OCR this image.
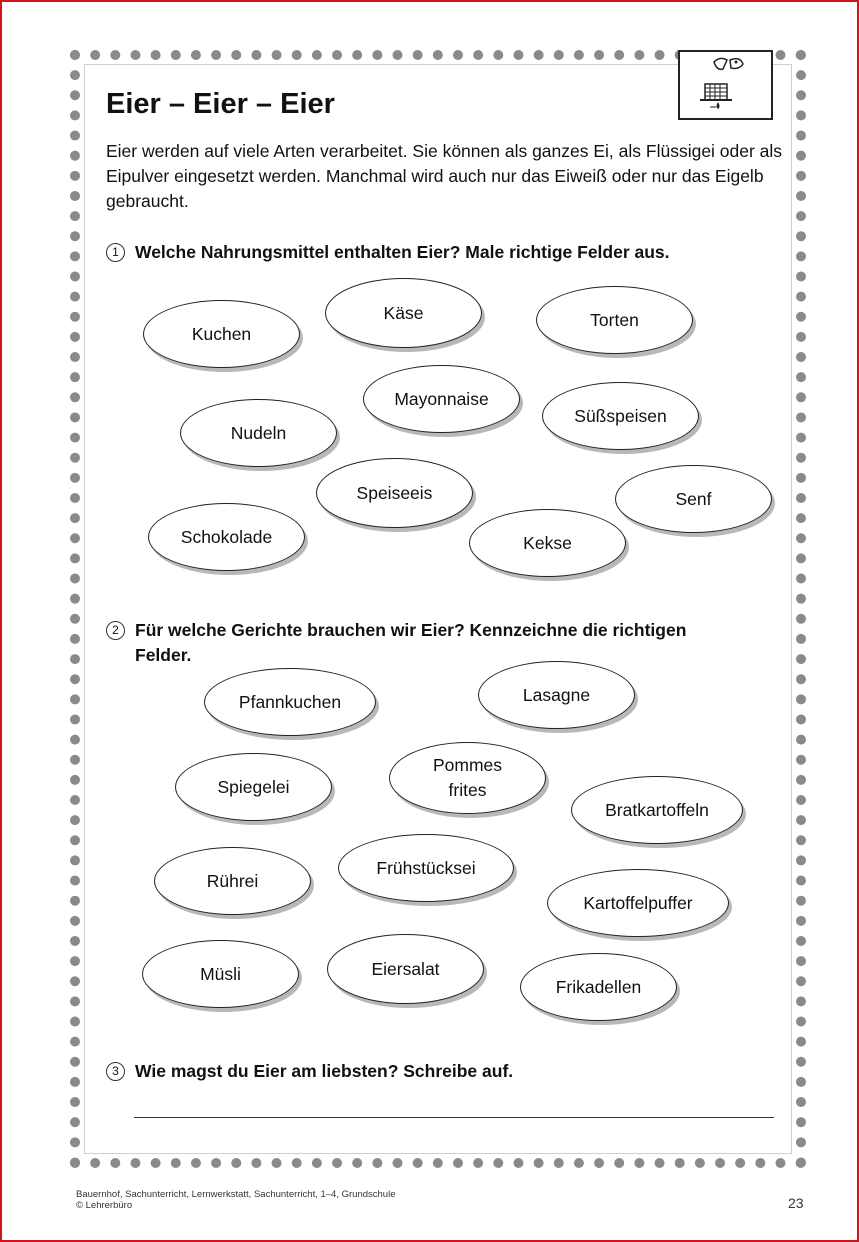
Eier – Eier – Eier

Eier werden auf viele Arten verarbeitet. Sie können als ganzes Ei, als Flüssigei oder als Eipulver eingesetzt werden. Manchmal wird auch nur das Eiweiß oder nur das Eigelb gebraucht.

1 Welche Nahrungsmittel enthalten Eier? Male richtige Felder aus.
Kuchen
Käse	Torten
Mayonnaise
Nudeln
Süßspeisen
Speiseeis	Senf
Schokolade	Kekse
2 Für welche Gerichte brauchen wir Eier? Kennzeichne die richtigen
Felder.
Pfannkuchen	Lasagne
Spiegelei
Pommes frites
Bratkartoffeln
Rührei
Frühstücksei
Kartoffelpuffer
Müsli	Eiersalat
Frikadellen
3 Wie magst du Eier am liebsten? Schreibe auf.
Bauernhof, Sachunterricht, Lernwerkstatt, Sachunterricht, 1–4, Grundschule
© Lehrerbüro	23
